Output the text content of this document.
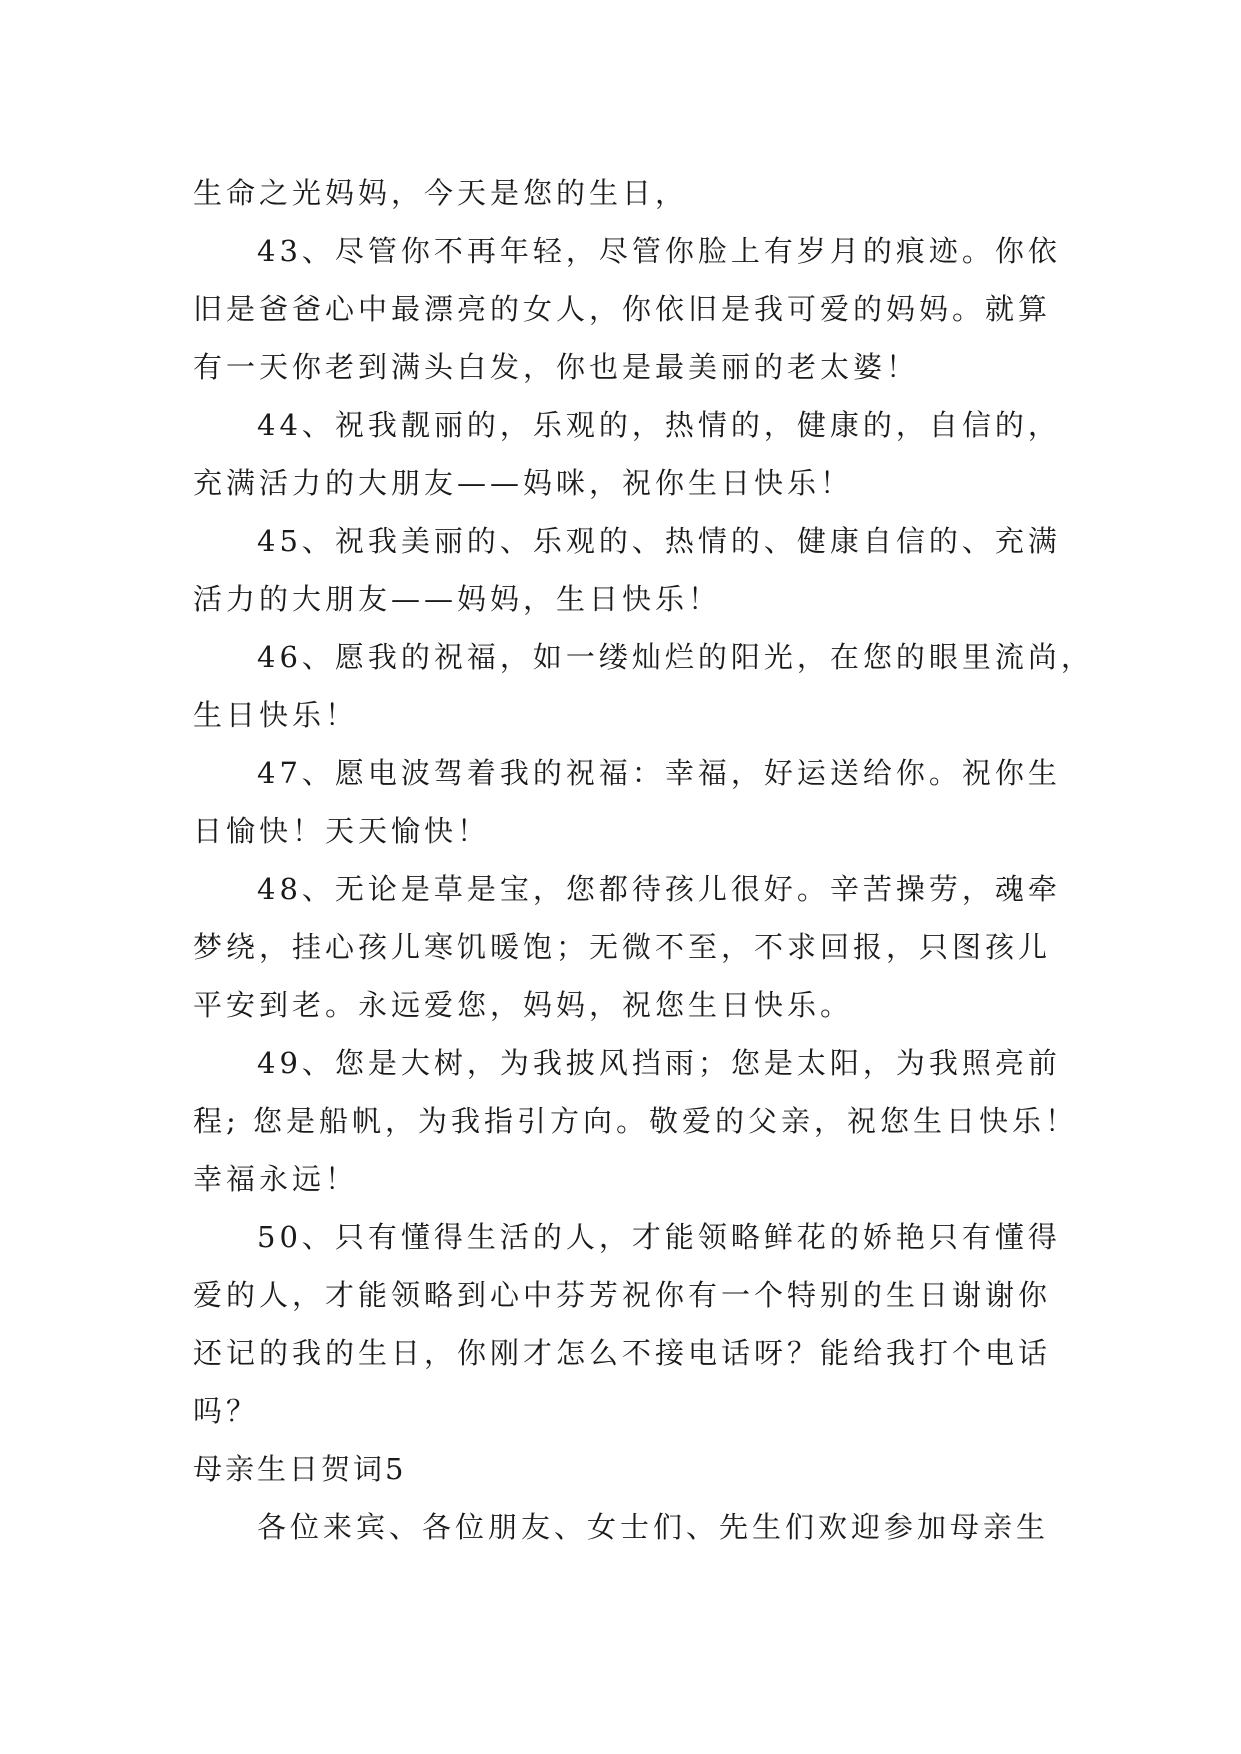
生命之光妈妈，今天是您的生日，
43、尽管你不再年轻，尽管你脸上有岁月的痕迹。你依
旧是爸爸心中最漂亮的女人，你依旧是我可爱的妈妈。就算
有一天你老到满头白发，你也是最美丽的老太婆！
44、祝我靓丽的，乐观的，热情的，健康的，自信的，
充满活力的大朋友——妈咪，祝你生日快乐！
45、祝我美丽的、乐观的、热情的、健康自信的、充满
活力的大朋友——妈妈，生日快乐！
46、愿我的祝福，如一缕灿烂的阳光，在您的眼里流尚，
生日快乐！
47、愿电波驾着我的祝福：幸福，好运送给你。祝你生
日愉快！天天愉快！
48、无论是草是宝，您都待孩儿很好。辛苦操劳，魂牵
梦绕，挂心孩儿寒饥暖饱；无微不至，不求回报，只图孩儿
平安到老。永远爱您，妈妈，祝您生日快乐。
49、您是大树，为我披风挡雨；您是太阳，为我照亮前
程; 您是船帆，为我指引方向。敬爱的父亲，祝您生日快乐！
幸福永远！
50、只有懂得生活的人，才能领略鲜花的娇艳只有懂得
爱的人，才能领略到心中芬芳祝你有一个特别的生日谢谢你
还记的我的生日，你刚才怎么不接电话呀？能给我打个电话
吗？
母亲生日贺词5
各位来宾、各位朋友、女士们、先生们欢迎参加母亲生
